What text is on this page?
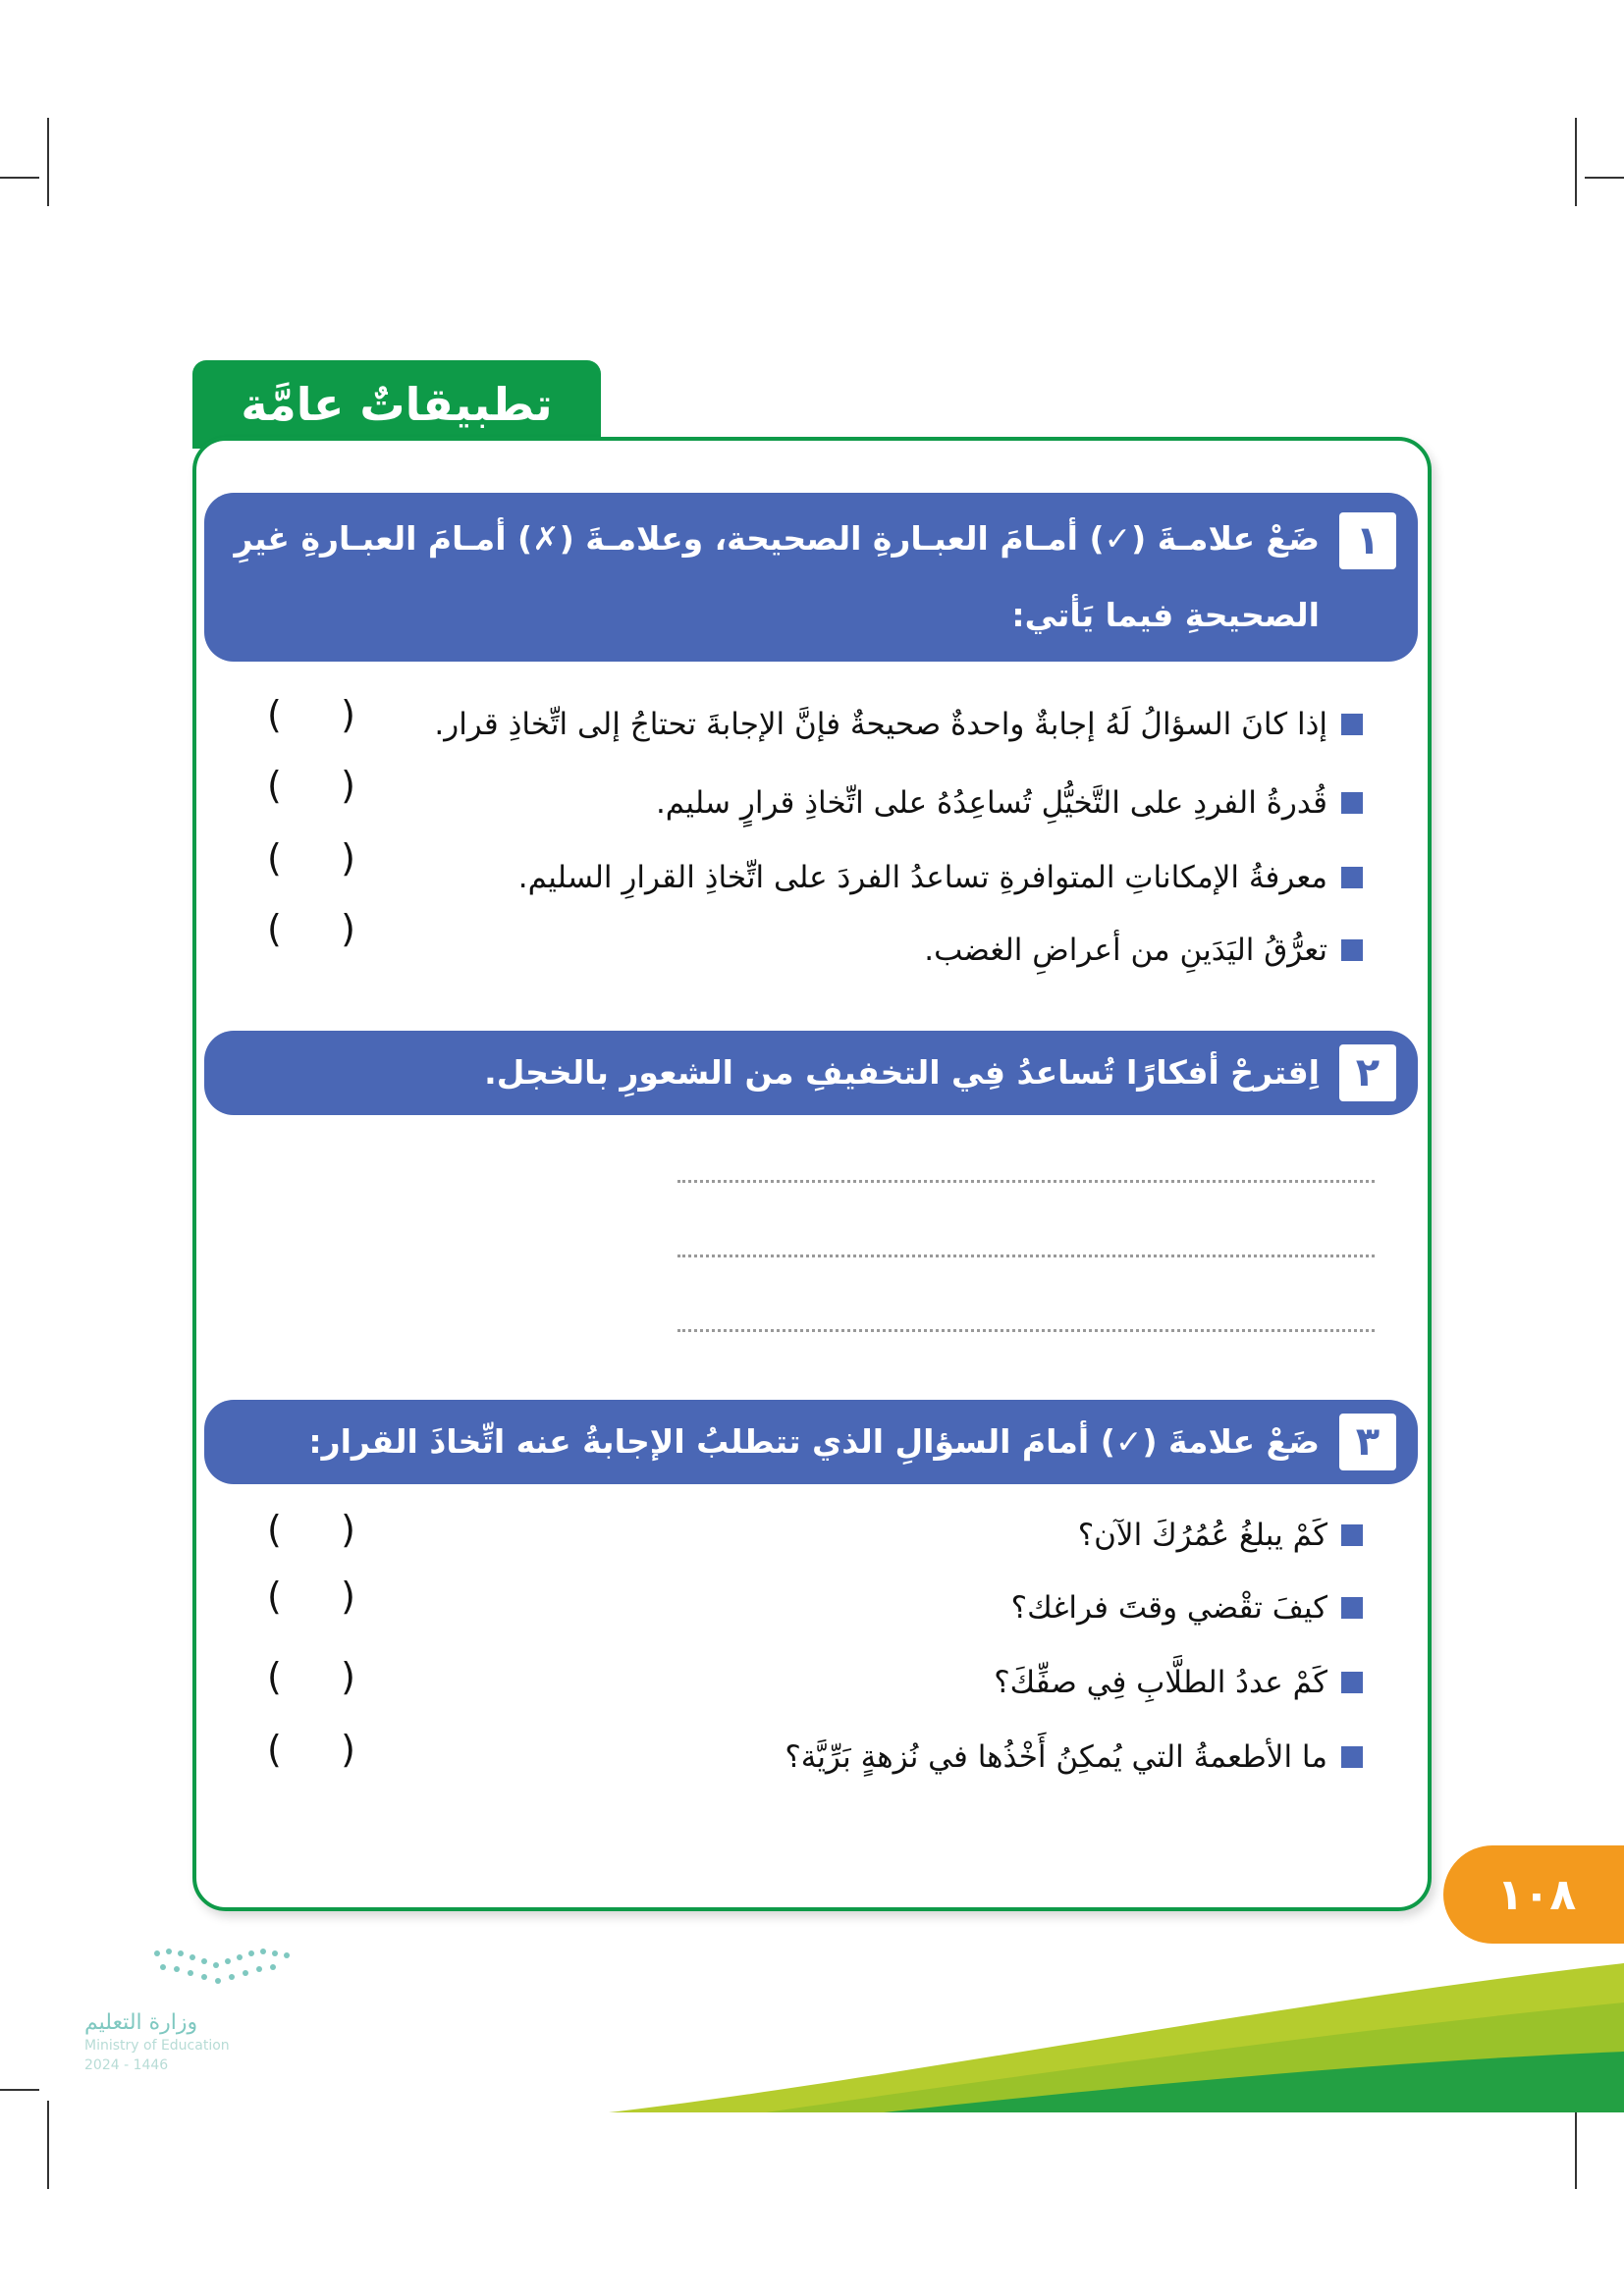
تطبيقاتٌ عامَّة
١
ضَعْ علامـةَ (✓) أمـامَ العبـارةِ الصحيحة، وعلامـةَ (✗) أمـامَ العبـارةِ غيرِ الصحيحةِ فيما يَأتي:
إذا كانَ السؤالُ لَهُ إجابةٌ واحدةٌ صحيحةٌ فإنَّ الإجابةَ تحتاجُ إلى اتِّخاذِ قرار.
( )
قُدرةُ الفردِ على التَّخيُّلِ تُساعِدُهُ على اتِّخاذِ قرارٍ سليم.
( )
معرفةُ الإمكاناتِ المتوافرةِ تساعدُ الفردَ على اتِّخاذِ القرارِ السليم.
( )
تعرُّقُ اليَدَينِ من أعراضِ الغضب.
( )
٢
اِقترحْ أفكارًا تُساعدُ فِي التخفيفِ من الشعورِ بالخجل.
٣
ضَعْ علامةَ (✓) أمامَ السؤالِ الذي تتطلبُ الإجابةُ عنه اتِّخاذَ القرار:
كَمْ يبلغُ عُمُرُكَ الآن؟
( )
كيفَ تقْضي وقتَ فراغك؟
( )
كَمْ عددُ الطلَّابِ فِي صفِّكَ؟
( )
ما الأطعمةُ التي يُمكِنُ أَخْذُها في نُزهةٍ بَرِّيَّة؟
( )
١٠٨
وزارة التعليم
Ministry of Education
2024 - 1446
